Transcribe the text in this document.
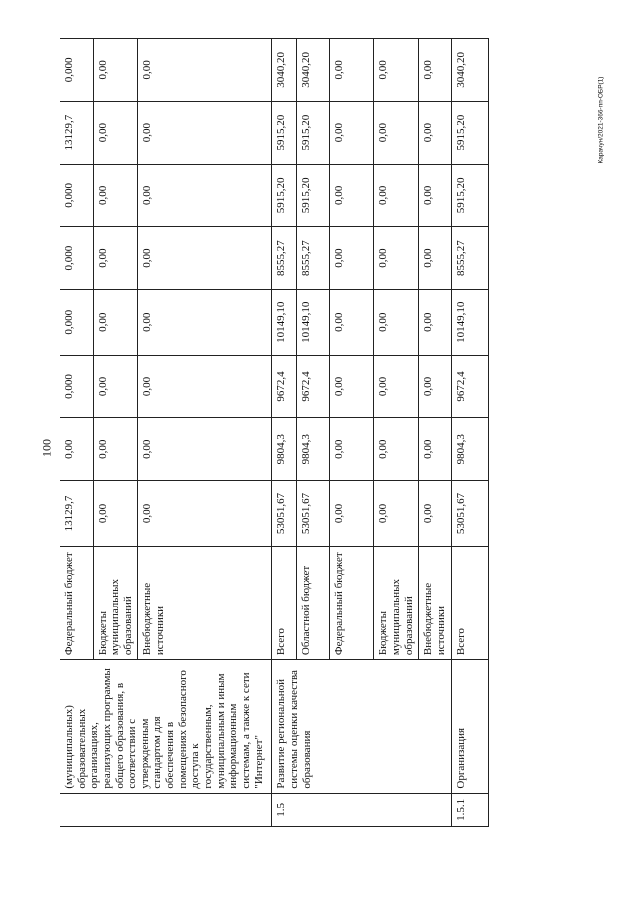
100
Карачун/2021-366-пп-ОБР(1)
	(муниципальных) образовательных организациях, реализующих программы общего образования, в соответствии с утвержденным стандартом для обеспечения в помещениях безопасного доступа к государственным, муниципальным и иным информационным системам, а также к сети "Интернет"	Федеральный бюджет	13129,7	0,00	0,000	0,000	0,000	0,000	13129,7	0,000
		Бюджеты муниципальных образований	0,00	0,00	0,00	0,00	0,00	0,00	0,00	0,00
		Внебюджетные источники	0,00	0,00	0,00	0,00	0,00	0,00	0,00	0,00
1.5	Развитие региональной системы оценки качества образования	Всего	53051,67	9804,3	9672,4	10149,10	8555,27	5915,20	5915,20	3040,20
		Областной бюджет	53051,67	9804,3	9672,4	10149,10	8555,27	5915,20	5915,20	3040,20
		Федеральный бюджет	0,00	0,00	0,00	0,00	0,00	0,00	0,00	0,00
		Бюджеты муниципальных образований	0,00	0,00	0,00	0,00	0,00	0,00	0,00	0,00
		Внебюджетные источники	0,00	0,00	0,00	0,00	0,00	0,00	0,00	0,00
1.5.1	Организация	Всего	53051,67	9804,3	9672,4	10149,10	8555,27	5915,20	5915,20	3040,20
